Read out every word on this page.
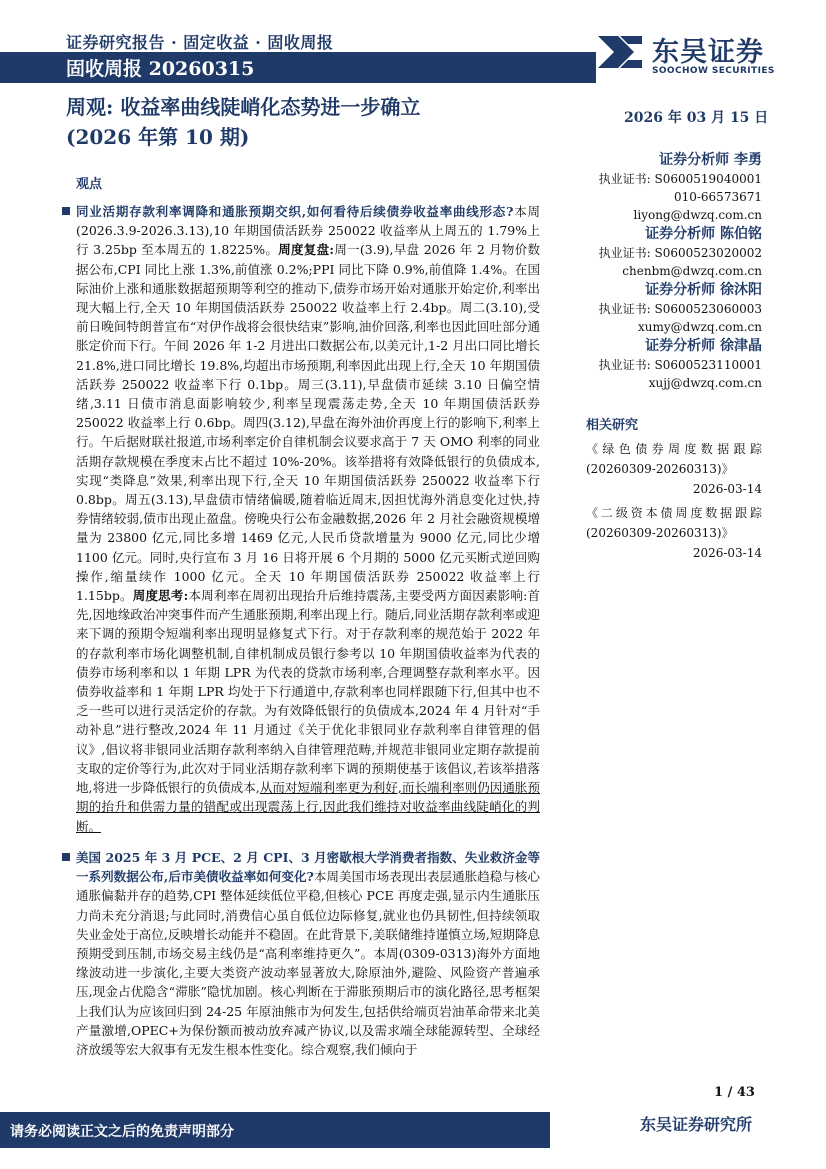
证券研究报告 · 固定收益 · 固收周报
固收周报 20260315
东吴证券
SOOCHOW SECURITIES
周观: 收益率曲线陡峭化态势进一步确立
(2026 年第 10 期)
2026 年 03 月 15 日
证券分析师 李勇
执业证书: S0600519040001
010-66573671
liyong@dwzq.com.cn
证券分析师 陈伯铭
执业证书: S0600523020002
chenbm@dwzq.com.cn
证券分析师 徐沐阳
执业证书: S0600523060003
xumy@dwzq.com.cn
证券分析师 徐津晶
执业证书: S0600523110001
xujj@dwzq.com.cn
相关研究
《绿色债券周度数据跟踪(20260309-20260313)》
2026-03-14
《二级资本债周度数据跟踪(20260309-20260313)》
2026-03-14
观点
同业活期存款利率调降和通胀预期交织,如何看待后续债券收益率曲线形态?本周(2026.3.9-2026.3.13),10 年期国债活跃券 250022 收益率从上周五的 1.79%上行 3.25bp 至本周五的 1.8225%。周度复盘:周一(3.9),早盘 2026 年 2 月物价数据公布,CPI 同比上涨 1.3%,前值涨 0.2%;PPI 同比下降 0.9%,前值降 1.4%。在国际油价上涨和通胀数据超预期等利空的推动下,债券市场开始对通胀开始定价,利率出现大幅上行,全天 10 年期国债活跃券 250022 收益率上行 2.4bp。周二(3.10),受前日晚间特朗普宣布“对伊作战将会很快结束”影响,油价回落,利率也因此回吐部分通胀定价而下行。午间 2026 年 1-2 月进出口数据公布,以美元计,1-2 月出口同比增长 21.8%,进口同比增长 19.8%,均超出市场预期,利率因此出现上行,全天 10 年期国债活跃券 250022 收益率下行 0.1bp。周三(3.11),早盘债市延续 3.10 日偏空情绪,3.11 日债市消息面影响较少,利率呈现震荡走势,全天 10 年期国债活跃券 250022 收益率上行 0.6bp。周四(3.12),早盘在海外油价再度上行的影响下,利率上行。午后据财联社报道,市场利率定价自律机制会议要求高于 7 天 OMO 利率的同业活期存款规模在季度末占比不超过 10%-20%。该举措将有效降低银行的负债成本,实现“类降息”效果,利率出现下行,全天 10 年期国债活跃券 250022 收益率下行 0.8bp。周五(3.13),早盘债市情绪偏暖,随着临近周末,因担忧海外消息变化过快,持券情绪较弱,债市出现止盈盘。傍晚央行公布金融数据,2026 年 2 月社会融资规模增量为 23800 亿元,同比多增 1469 亿元,人民币贷款增量为 9000 亿元,同比少增 1100 亿元。同时,央行宣布 3 月 16 日将开展 6 个月期的 5000 亿元买断式逆回购操作,缩量续作 1000 亿元。全天 10 年期国债活跃券 250022 收益率上行 1.15bp。周度思考:本周利率在周初出现抬升后维持震荡,主要受两方面因素影响:首先,因地缘政治冲突事件而产生通胀预期,利率出现上行。随后,同业活期存款利率或迎来下调的预期令短端利率出现明显修复式下行。对于存款利率的规范始于 2022 年的存款利率市场化调整机制,自律机制成员银行参考以 10 年期国债收益率为代表的债券市场利率和以 1 年期 LPR 为代表的贷款市场利率,合理调整存款利率水平。因债券收益率和 1 年期 LPR 均处于下行通道中,存款利率也同样跟随下行,但其中也不乏一些可以进行灵活定价的存款。为有效降低银行的负债成本,2024 年 4 月针对“手动补息”进行整改,2024 年 11 月通过《关于优化非银同业存款利率自律管理的倡议》,倡议将非银同业活期存款利率纳入自律管理范畴,并规范非银同业定期存款提前支取的定价等行为,此次对于同业活期存款利率下调的预期使基于该倡议,若该举措落地,将进一步降低银行的负债成本,从而对短端利率更为利好,而长端利率则仍因通胀预期的抬升和供需力量的错配或出现震荡上行,因此我们维持对收益率曲线陡峭化的判断。
美国 2025 年 3 月 PCE、2 月 CPI、3 月密歇根大学消费者指数、失业救济金等一系列数据公布,后市美债收益率如何变化?本周美国市场表现出表层通胀趋稳与核心通胀偏黏并存的趋势,CPI 整体延续低位平稳,但核心 PCE 再度走强,显示内生通胀压力尚未充分消退;与此同时,消费信心虽自低位边际修复,就业也仍具韧性,但持续领取失业金处于高位,反映增长动能并不稳固。在此背景下,美联储维持谨慎立场,短期降息预期受到压制,市场交易主线仍是“高利率维持更久”。本周(0309-0313)海外方面地缘波动进一步演化,主要大类资产波动率显著放大,除原油外,避险、风险资产普遍承压,现金占优隐含“滞胀”隐忧加剧。核心判断在于滞胀预期后市的演化路径,思考框架上我们认为应该回归到 24-25 年原油熊市为何发生,包括供给端页岩油革命带来北美产量激增,OPEC+为保份额而被动放弃减产协议,以及需求端全球能源转型、全球经济放缓等宏大叙事有无发生根本性变化。综合观察,我们倾向于
1 / 43
请务必阅读正文之后的免责声明部分	东吴证券研究所
